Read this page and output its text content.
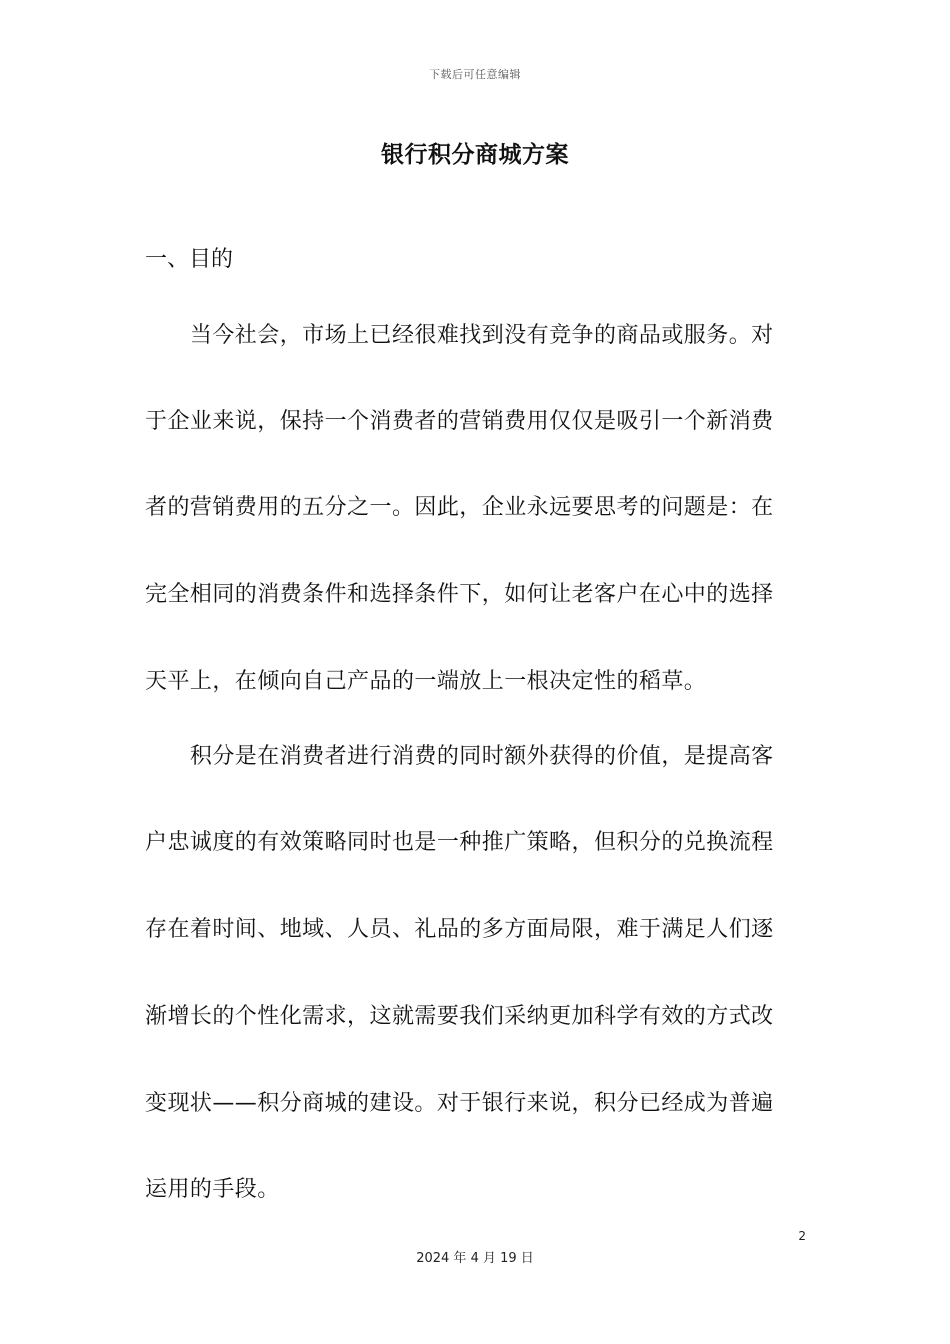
下载后可任意编辑
银行积分商城方案
一、目的
　　当今社会，市场上已经很难找到没有竞争的商品或服务。对
于企业来说，保持一个消费者的营销费用仅仅是吸引一个新消费
者的营销费用的五分之一。因此，企业永远要思考的问题是：在
完全相同的消费条件和选择条件下，如何让老客户在心中的选择
天平上，在倾向自己产品的一端放上一根决定性的稻草。
　　积分是在消费者进行消费的同时额外获得的价值，是提高客
户忠诚度的有效策略同时也是一种推广策略，但积分的兑换流程
存在着时间、地域、人员、礼品的多方面局限，难于满足人们逐
渐增长的个性化需求，这就需要我们采纳更加科学有效的方式改
变现状——积分商城的建设。对于银行来说，积分已经成为普遍
运用的手段。
2
2024 年 4 月 19 日
